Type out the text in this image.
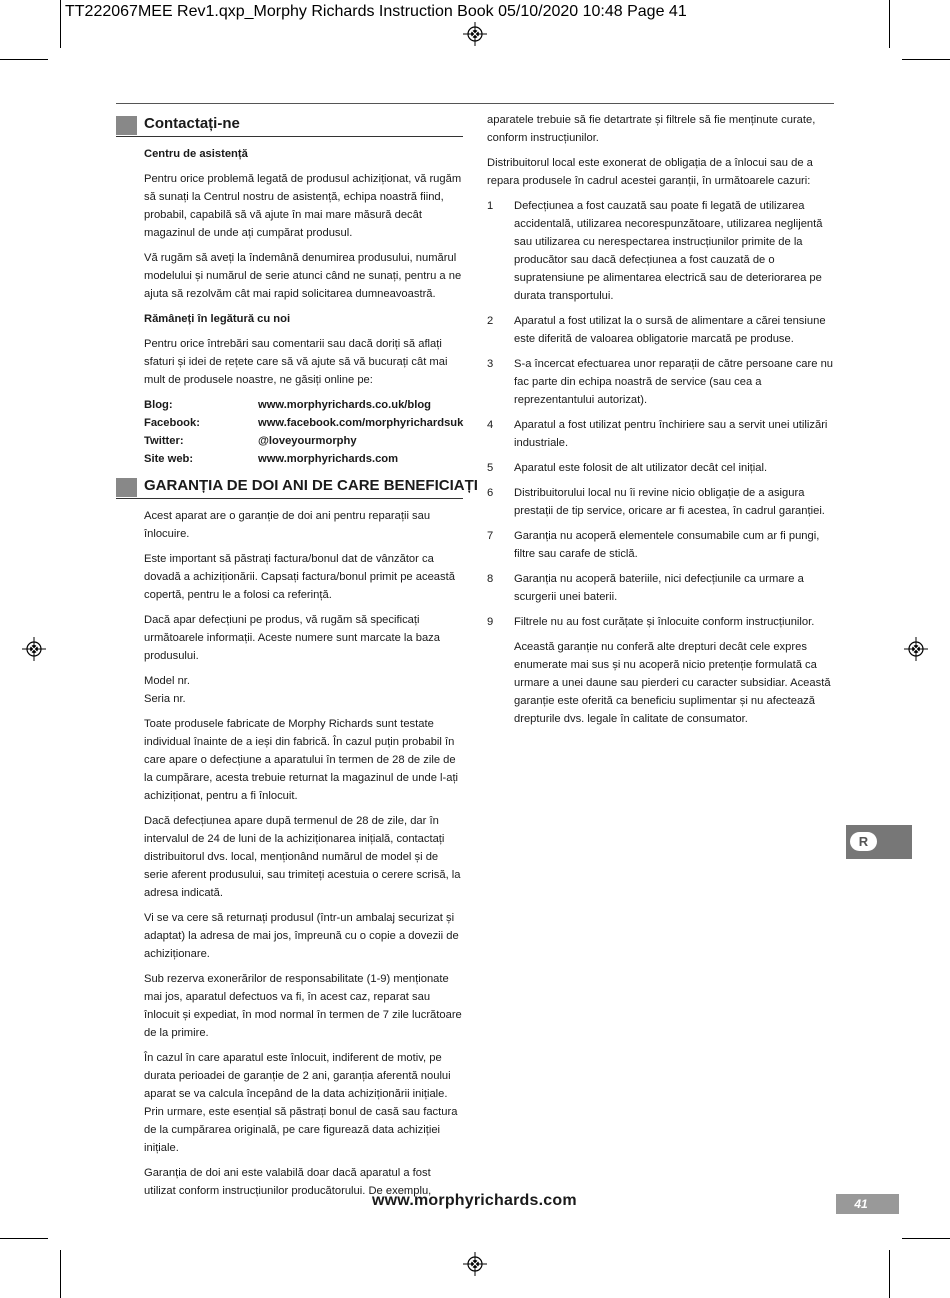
TT222067MEE Rev1.qxp_Morphy Richards Instruction Book 05/10/2020 10:48 Page 41
Contactați-ne

Centru de asistență

Pentru orice problemă legată de produsul achiziționat, vă rugăm să sunați la Centrul nostru de asistență, echipa noastră fiind, probabil, capabilă să vă ajute în mai mare măsură decât magazinul de unde ați cumpărat produsul.

Vă rugăm să aveți la îndemână denumirea produsului, numărul modelului și numărul de serie atunci când ne sunați, pentru a ne ajuta să rezolvăm cât mai rapid solicitarea dumneavoastră.

Rămâneți în legătură cu noi

Pentru orice întrebări sau comentarii sau dacă doriți să aflați sfaturi și idei de rețete care să vă ajute să vă bucurați cât mai mult de produsele noastre, ne găsiți online pe:

Blog:	www.morphyrichards.co.uk/blog
Facebook:	www.facebook.com/morphyrichardsuk
Twitter:	@loveyourmorphy
Site web:	www.morphyrichards.com
GARANȚIA DE DOI ANI DE CARE BENEFICIAȚI

Acest aparat are o garanție de doi ani pentru reparații sau înlocuire.

Este important să păstrați factura/bonul dat de vânzător ca dovadă a achiziționării. Capsați factura/bonul primit pe această copertă, pentru le a folosi ca referință.

Dacă apar defecțiuni pe produs, vă rugăm să specificați următoarele informații. Aceste numere sunt marcate la baza produsului.

Model nr.

Seria nr.

Toate produsele fabricate de Morphy Richards sunt testate individual înainte de a ieși din fabrică. În cazul puțin probabil în care apare o defecțiune a aparatului în termen de 28 de zile de la cumpărare, acesta trebuie returnat la magazinul de unde l-ați achiziționat, pentru a fi înlocuit.

Dacă defecțiunea apare după termenul de 28 de zile, dar în intervalul de 24 de luni de la achiziționarea inițială, contactați distribuitorul dvs. local, menționând numărul de model și de serie aferent produsului, sau trimiteți acestuia o cerere scrisă, la adresa indicată.

Vi se va cere să returnați produsul (într-un ambalaj securizat și adaptat) la adresa de mai jos, împreună cu o copie a dovezii de achiziționare.

Sub rezerva exonerărilor de responsabilitate (1-9) menționate mai jos, aparatul defectuos va fi, în acest caz, reparat sau înlocuit și expediat, în mod normal în termen de 7 zile lucrătoare de la primire.

În cazul în care aparatul este înlocuit, indiferent de motiv, pe durata perioadei de garanție de 2 ani, garanția aferentă noului aparat se va calcula începând de la data achiziționării inițiale. Prin urmare, este esențial să păstrați bonul de casă sau factura de la cumpărarea originală, pe care figurează data achiziției inițiale.

Garanția de doi ani este valabilă doar dacă aparatul a fost utilizat conform instrucțiunilor producătorului. De exemplu,

aparatele trebuie să fie detartrate și filtrele să fie menținute curate, conform instrucțiunilor.

Distribuitorul local este exonerat de obligația de a înlocui sau de a repara produsele în cadrul acestei garanții, în următoarele cazuri:

1	Defecțiunea a fost cauzată sau poate fi legată de utilizarea accidentală, utilizarea necorespunzătoare, utilizarea neglijentă sau utilizarea cu nerespectarea instrucțiunilor primite de la producător sau dacă defecțiunea a fost cauzată de o supratensiune pe alimentarea electrică sau de deteriorarea pe durata transportului.
2	Aparatul a fost utilizat la o sursă de alimentare a cărei tensiune este diferită de valoarea obligatorie marcată pe produse.
3	S-a încercat efectuarea unor reparații de către persoane care nu fac parte din echipa noastră de service (sau cea a reprezentantului autorizat).
4	Aparatul a fost utilizat pentru închiriere sau a servit unei utilizări industriale.
5	Aparatul este folosit de alt utilizator decât cel inițial.
6	Distribuitorului local nu îi revine nicio obligație de a asigura prestații de tip service, oricare ar fi acestea, în cadrul garanției.
7	Garanția nu acoperă elementele consumabile cum ar fi pungi, filtre sau carafe de sticlă.
8	Garanția nu acoperă bateriile, nici defecțiunile ca urmare a scurgerii unei baterii.
9	Filtrele nu au fost curățate și înlocuite conform instrucțiunilor.

Această garanție nu conferă alte drepturi decât cele expres enumerate mai sus și nu acoperă nicio pretenție formulată ca urmare a unei daune sau pierderi cu caracter subsidiar. Această garanție este oferită ca beneficiu suplimentar și nu afectează drepturile dvs. legale în calitate de consumator.

R
www.morphyrichards.com	41
